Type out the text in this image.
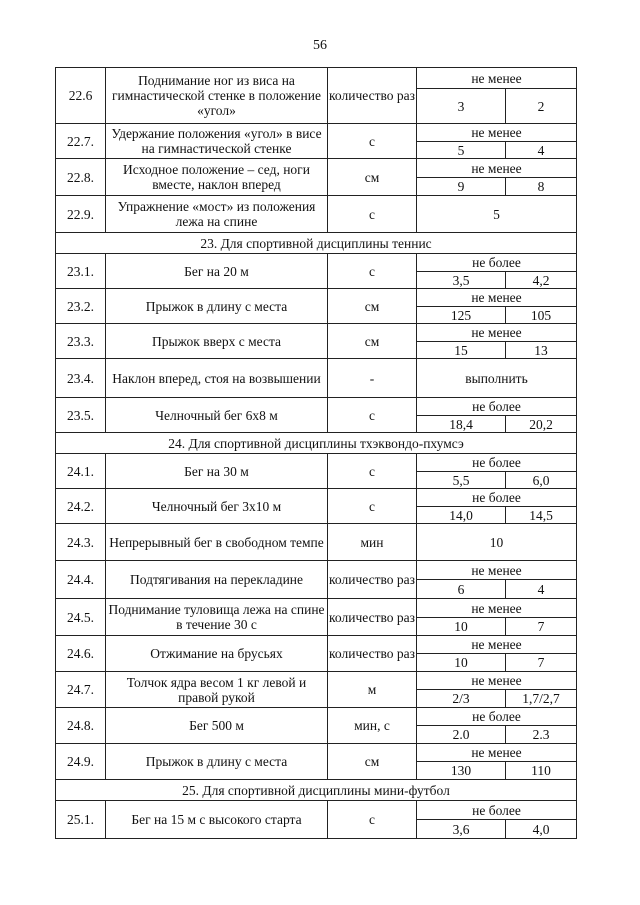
56
22.6	Поднимание ног из виса на гимнастической стенке в положение «угол»	количество раз	не менее	
			3	2
22.7.	Удержание положения «угол» в висе на гимнастической стенке	с	не менее	
			5	4
22.8.	Исходное положение – сед, ноги вместе, наклон вперед	см	не менее	
			9	8
22.9.	Упражнение «мост» из положения лежа на спине	с	5	
23. Для спортивной дисциплины теннис				
23.1.	Бег на 20 м	с	не более	
			3,5	4,2
23.2.	Прыжок в длину с места	см	не менее	
			125	105
23.3.	Прыжок вверх с места	см	не менее	
			15	13
23.4.	Наклон вперед, стоя на возвышении	-	выполнить	
23.5.	Челночный бег 6х8 м	с	не более	
			18,4	20,2
24. Для спортивной дисциплины тхэквондо-пхумсэ				
24.1.	Бег на 30 м	с	не более	
			5,5	6,0
24.2.	Челночный бег 3х10 м	с	не более	
			14,0	14,5
24.3.	Непрерывный бег в свободном темпе	мин	10	
24.4.	Подтягивания на перекладине	количество раз	не менее	
			6	4
24.5.	Поднимание туловища лежа на спине в течение 30 с	количество раз	не менее	
			10	7
24.6.	Отжимание на брусьях	количество раз	не менее	
			10	7
24.7.	Толчок ядра весом 1 кг левой и правой рукой	м	не менее	
			2/3	1,7/2,7
24.8.	Бег 500 м	мин, с	не более	
			2.0	2.3
24.9.	Прыжок в длину с места	см	не менее	
			130	110
25. Для спортивной дисциплины мини-футбол				
25.1.	Бег на 15 м с высокого старта	с	не более	
			3,6	4,0
